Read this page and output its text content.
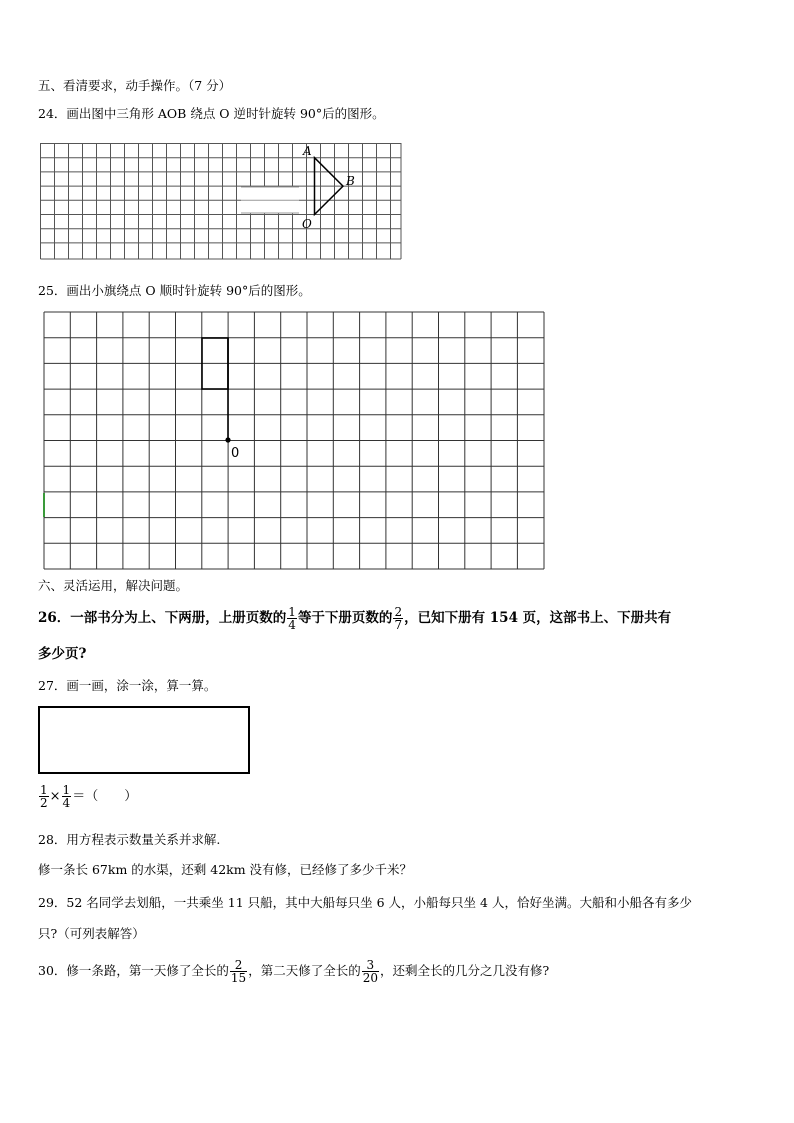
五、看清要求，动手操作。（7 分）
24．画出图中三角形 AOB 绕点 O 逆时针旋转 90°后的图形。
A
B
O
25．画出小旗绕点 O 顺时针旋转 90°后的图形。
0
六、灵活运用，解决问题。
26．一部书分为上、下两册，上册页数的 $\frac{1}{4}$ 等于下册页数的 $\frac{2}{7}$ ，已知下册有 154 页，这部书上、下册共有
多少页?
27．画一画，涂一涂，算一算。
$\frac{1}{2} \times \frac{1}{4}$ ＝（　　）
28．用方程表示数量关系并求解.
修一条长 67km 的水渠，还剩 42km 没有修，已经修了多少千米？
29．52 名同学去划船，一共乘坐 11 只船，其中大船每只坐 6 人，小船每只坐 4 人，恰好坐满。大船和小船各有多少
只?（可列表解答）
30．修一条路，第一天修了全长的 $\frac{2}{15}$ ，第二天修了全长的 $\frac{3}{20}$ ，还剩全长的几分之几没有修?
